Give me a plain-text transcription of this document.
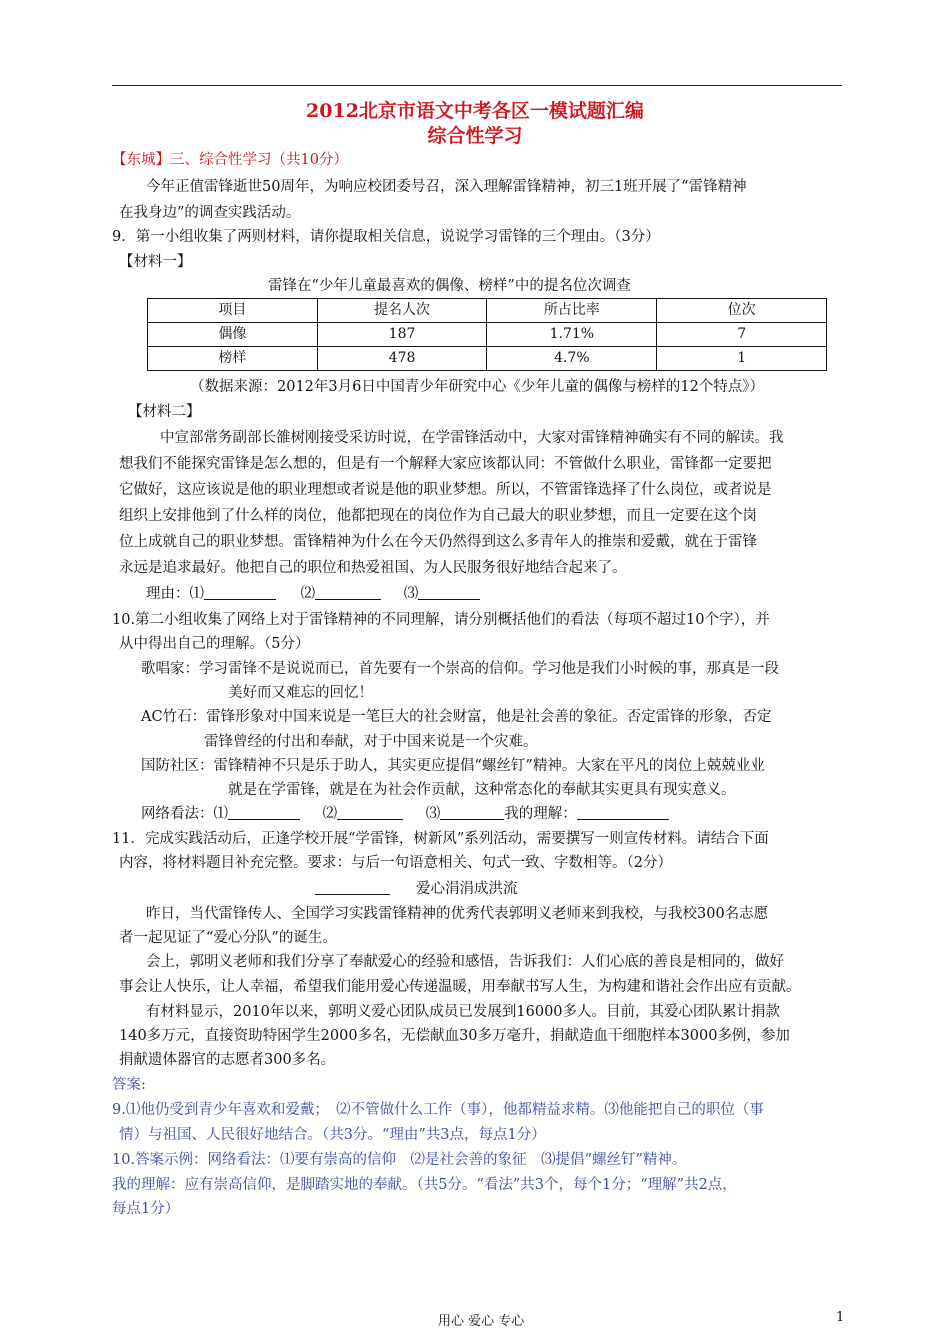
2012北京市语文中考各区一模试题汇编
综合性学习
【东城】三、综合性学习（共10分）
今年正值雷锋逝世50周年，为响应校团委号召，深入理解雷锋精神，初三1班开展了“雷锋精神
在我身边”的调查实践活动。
9．第一小组收集了两则材料，请你提取相关信息，说说学习雷锋的三个理由。（3分）
【材料一】
雷锋在“少年儿童最喜欢的偶像、榜样”中的提名位次调查
项目	提名人次	所占比率	位次
偶像	187	1.71%	7
榜样	478	4.7%	1
（数据来源：2012年3月6日中国青少年研究中心《少年儿童的偶像与榜样的12个特点》）
【材料二】
中宣部常务副部长雒树刚接受采访时说，在学雷锋活动中，大家对雷锋精神确实有不同的解读。我
想我们不能探究雷锋是怎么想的，但是有一个解释大家应该都认同：不管做什么职业，雷锋都一定要把
它做好，这应该说是他的职业理想或者说是他的职业梦想。所以，不管雷锋选择了什么岗位，或者说是
组织上安排他到了什么样的岗位，他都把现在的岗位作为自己最大的职业梦想，而且一定要在这个岗
位上成就自己的职业梦想。雷锋精神为什么在今天仍然得到这么多青年人的推崇和爱戴，就在于雷锋
永远是追求最好。他把自己的职位和热爱祖国、为人民服务很好地结合起来了。
理由：⑴	⑵	⑶
10.第二小组收集了网络上对于雷锋精神的不同理解，请分别概括他们的看法（每项不超过10个字），并
从中得出自己的理解。（5分）
歌唱家：学习雷锋不是说说而已，首先要有一个崇高的信仰。学习他是我们小时候的事，那真是一段
美好而又难忘的回忆！
AC竹石：雷锋形象对中国来说是一笔巨大的社会财富，他是社会善的象征。否定雷锋的形象，否定
雷锋曾经的付出和奉献，对于中国来说是一个灾难。
国防社区：雷锋精神不只是乐于助人，其实更应提倡“螺丝钉”精神。大家在平凡的岗位上兢兢业业
就是在学雷锋，就是在为社会作贡献，这种常态化的奉献其实更具有现实意义。
网络看法：⑴	⑵	⑶	我的理解：
11．完成实践活动后，正逢学校开展“学雷锋，树新风”系列活动，需要撰写一则宣传材料。请结合下面
内容，将材料题目补充完整。要求：与后一句语意相关、句式一致、字数相等。（2分）
爱心涓涓成洪流
昨日，当代雷锋传人、全国学习实践雷锋精神的优秀代表郭明义老师来到我校，与我校300名志愿
者一起见证了“爱心分队”的诞生。
会上，郭明义老师和我们分享了奉献爱心的经验和感悟，告诉我们：人们心底的善良是相同的，做好
事会让人快乐，让人幸福，希望我们能用爱心传递温暖，用奉献书写人生，为构建和谐社会作出应有贡献。
有材料显示，2010年以来，郭明义爱心团队成员已发展到16000多人。目前，其爱心团队累计捐款
140多万元，直接资助特困学生2000多名，无偿献血30多万毫升，捐献造血干细胞样本3000多例，参加
捐献遗体器官的志愿者300多名。
答案:
9.⑴他仍受到青少年喜欢和爱戴；　⑵不管做什么工作（事），他都精益求精。⑶他能把自己的职位（事
情）与祖国、人民很好地结合。（共3分。“理由”共3点，每点1分）
10.答案示例：网络看法：⑴要有崇高的信仰　⑵是社会善的象征　⑶提倡“螺丝钉”精神。
我的理解：应有崇高信仰，是脚踏实地的奉献。（共5分。“看法”共3个，每个1分；“理解”共2点，
每点1分）
用心 爱心 专心	1
